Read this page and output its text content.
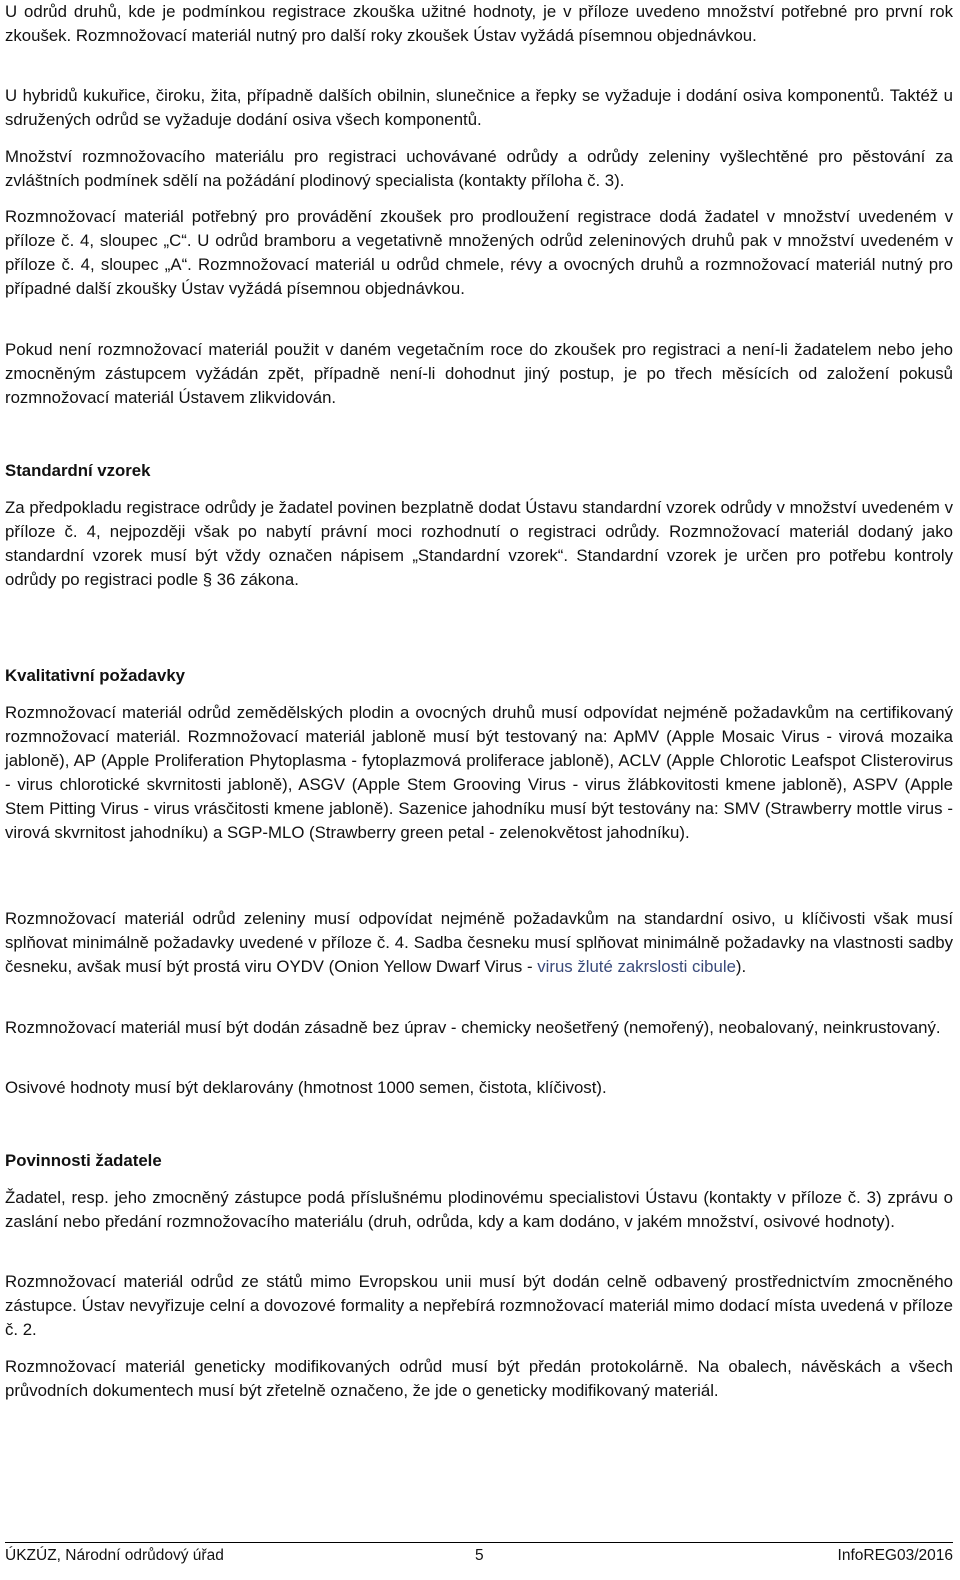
U odrůd druhů, kde je podmínkou registrace zkouška užitné hodnoty, je v příloze uvedeno množství potřebné pro první rok zkoušek. Rozmnožovací materiál nutný pro další roky zkoušek Ústav vyžádá písemnou objednávkou.

U hybridů kukuřice, čiroku, žita, případně dalších obilnin, slunečnice a řepky se vyžaduje i dodání osiva komponentů. Taktéž u sdružených odrůd se vyžaduje dodání osiva všech komponentů.

Množství rozmnožovacího materiálu pro registraci uchovávané odrůdy a odrůdy zeleniny vyšlechtěné pro pěstování za zvláštních podmínek sdělí na požádání plodinový specialista (kontakty příloha č. 3).

Rozmnožovací materiál potřebný pro provádění zkoušek pro prodloužení registrace dodá žadatel v množství uvedeném v příloze č. 4, sloupec „C“. U odrůd bramboru a vegetativně množených odrůd zeleninových druhů pak v množství uvedeném v příloze č. 4, sloupec „A“. Rozmnožovací materiál u odrůd chmele, révy a ovocných druhů a rozmnožovací materiál nutný pro případné další zkoušky Ústav vyžádá písemnou objednávkou.

Pokud není rozmnožovací materiál použit v daném vegetačním roce do zkoušek pro registraci a není-li žadatelem nebo jeho zmocněným zástupcem vyžádán zpět, případně není-li dohodnut jiný postup, je po třech měsících od založení pokusů rozmnožovací materiál Ústavem zlikvidován.

Standardní vzorek

Za předpokladu registrace odrůdy je žadatel povinen bezplatně dodat Ústavu standardní vzorek odrůdy v množství uvedeném v příloze č. 4, nejpozději však po nabytí právní moci rozhodnutí o registraci odrůdy. Rozmnožovací materiál dodaný jako standardní vzorek musí být vždy označen nápisem „Standardní vzorek“. Standardní vzorek je určen pro potřebu kontroly odrůdy po registraci podle § 36 zákona.

Kvalitativní požadavky

Rozmnožovací materiál odrůd zemědělských plodin a ovocných druhů musí odpovídat nejméně požadavkům na certifikovaný rozmnožovací materiál. Rozmnožovací materiál jabloně musí být testovaný na: ApMV (Apple Mosaic Virus - virová mozaika jabloně), AP (Apple Proliferation Phytoplasma - fytoplazmová proliferace jabloně), ACLV (Apple Chlorotic Leafspot Clisterovirus - virus chlorotické skvrnitosti jabloně), ASGV (Apple Stem Grooving Virus - virus žlábkovitosti kmene jabloně), ASPV (Apple Stem Pitting Virus - virus vrásčitosti kmene jabloně). Sazenice jahodníku musí být testovány na: SMV (Strawberry mottle virus - virová skvrnitost jahodníku) a SGP-MLO (Strawberry green petal - zelenokvětost jahodníku).

Rozmnožovací materiál odrůd zeleniny musí odpovídat nejméně požadavkům na standardní osivo, u klíčivosti však musí splňovat minimálně požadavky uvedené v příloze č. 4. Sadba česneku musí splňovat minimálně požadavky na vlastnosti sadby česneku, avšak musí být prostá viru OYDV (Onion Yellow Dwarf Virus - virus žluté zakrslosti cibule).

Rozmnožovací materiál musí být dodán zásadně bez úprav - chemicky neošetřený (nemořený), neobalovaný, neinkrustovaný.

Osivové hodnoty musí být deklarovány (hmotnost 1000 semen, čistota, klíčivost).

Povinnosti žadatele

Žadatel, resp. jeho zmocněný zástupce podá příslušnému plodinovému specialistovi Ústavu (kontakty v příloze č. 3) zprávu o zaslání nebo předání rozmnožovacího materiálu (druh, odrůda, kdy a kam dodáno, v jakém množství, osivové hodnoty).

Rozmnožovací materiál odrůd ze států mimo Evropskou unii musí být dodán celně odbavený prostřednictvím zmocněného zástupce. Ústav nevyřizuje celní a dovozové formality a nepřebírá rozmnožovací materiál mimo dodací místa uvedená v příloze č. 2.

Rozmnožovací materiál geneticky modifikovaných odrůd musí být předán protokolárně. Na obalech, návěskách a všech průvodních dokumentech musí být zřetelně označeno, že jde o geneticky modifikovaný materiál.

ÚKZÚZ, Národní odrůdový úřad	5	InfoREG03/2016
